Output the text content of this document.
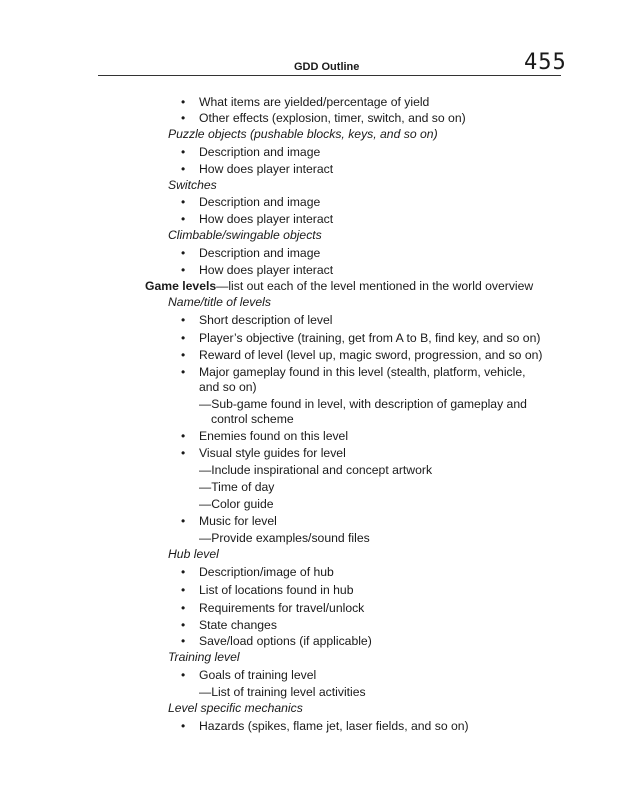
GDD Outline	455
• What items are yielded/percentage of yield
• Other effects (explosion, timer, switch, and so on)
Puzzle objects (pushable blocks, keys, and so on)
• Description and image
• How does player interact
Switches
• Description and image
• How does player interact
Climbable/swingable objects
• Description and image
• How does player interact
Game levels—list out each of the level mentioned in the world overview
Name/title of levels
• Short description of level
• Player’s objective (training, get from A to B, find key, and so on)
• Reward of level (level up, magic sword, progression, and so on)
• Major gameplay found in this level (stealth, platform, vehicle,
and so on)
—Sub-game found in level, with description of gameplay and
control scheme
• Enemies found on this level
• Visual style guides for level
—Include inspirational and concept artwork
—Time of day
—Color guide
• Music for level
—Provide examples/sound files
Hub level
• Description/image of hub
• List of locations found in hub
• Requirements for travel/unlock
• State changes
• Save/load options (if applicable)
Training level
• Goals of training level
—List of training level activities
Level specific mechanics
• Hazards (spikes, flame jet, laser fields, and so on)
